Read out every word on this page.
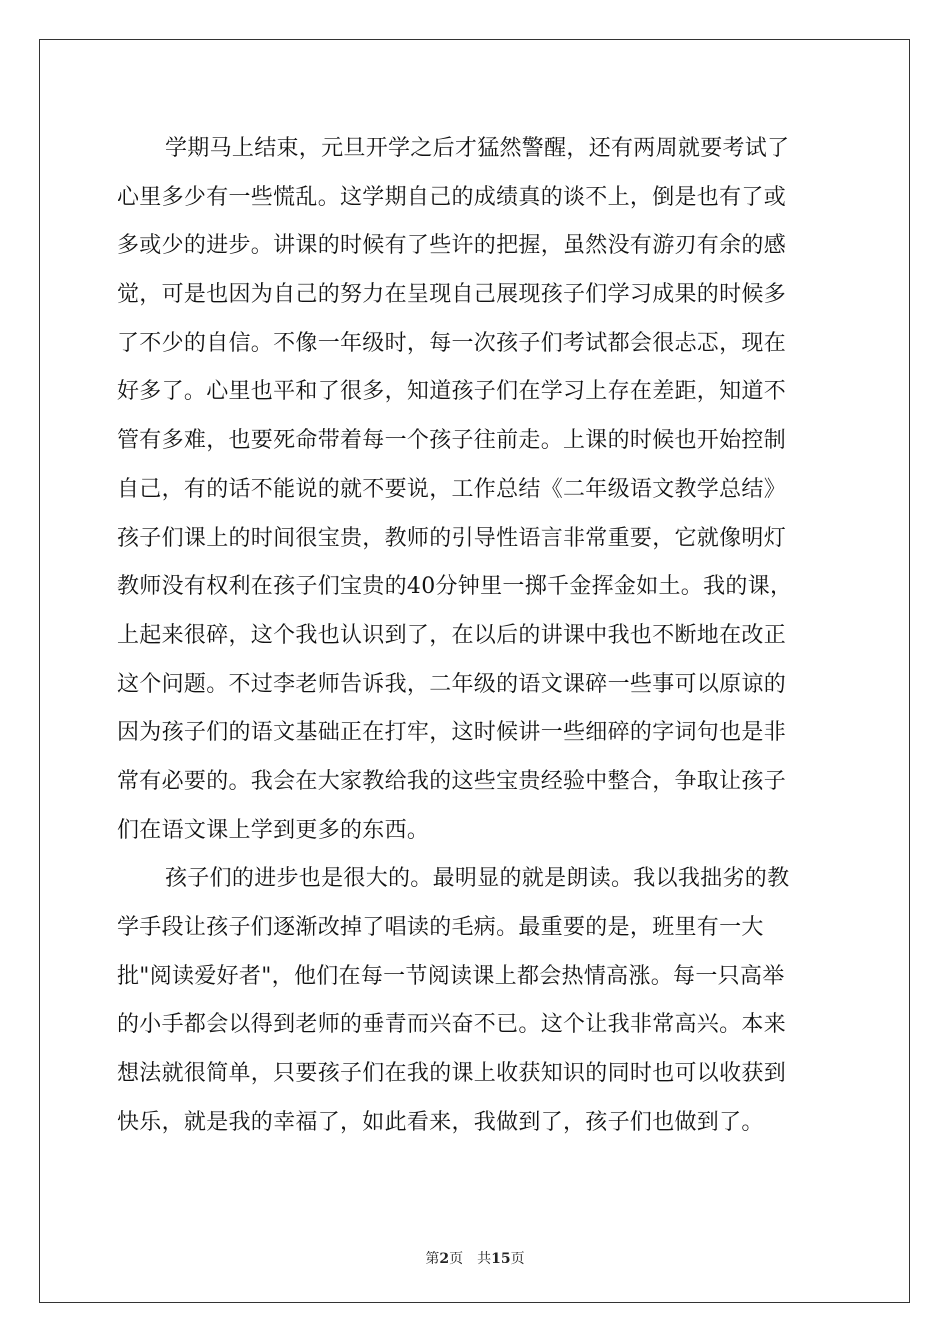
学期马上结束，元旦开学之后才猛然警醒，还有两周就要考试了
心里多少有一些慌乱。这学期自己的成绩真的谈不上，倒是也有了或
多或少的进步。讲课的时候有了些许的把握，虽然没有游刃有余的感
觉，可是也因为自己的努力在呈现自己展现孩子们学习成果的时候多
了不少的自信。不像一年级时，每一次孩子们考试都会很忐忑，现在
好多了。心里也平和了很多，知道孩子们在学习上存在差距，知道不
管有多难，也要死命带着每一个孩子往前走。上课的时候也开始控制
自己，有的话不能说的就不要说，工作总结《二年级语文教学总结》
孩子们课上的时间很宝贵，教师的引导性语言非常重要，它就像明灯
教师没有权利在孩子们宝贵的40分钟里一掷千金挥金如土。我的课，
上起来很碎，这个我也认识到了，在以后的讲课中我也不断地在改正
这个问题。不过李老师告诉我，二年级的语文课碎一些事可以原谅的
因为孩子们的语文基础正在打牢，这时候讲一些细碎的字词句也是非
常有必要的。我会在大家教给我的这些宝贵经验中整合，争取让孩子
们在语文课上学到更多的东西。
孩子们的进步也是很大的。最明显的就是朗读。我以我拙劣的教
学手段让孩子们逐渐改掉了唱读的毛病。最重要的是，班里有一大
批"阅读爱好者"，他们在每一节阅读课上都会热情高涨。每一只高举
的小手都会以得到老师的垂青而兴奋不已。这个让我非常高兴。本来
想法就很简单，只要孩子们在我的课上收获知识的同时也可以收获到
快乐，就是我的幸福了，如此看来，我做到了，孩子们也做到了。
第2页 共15页
